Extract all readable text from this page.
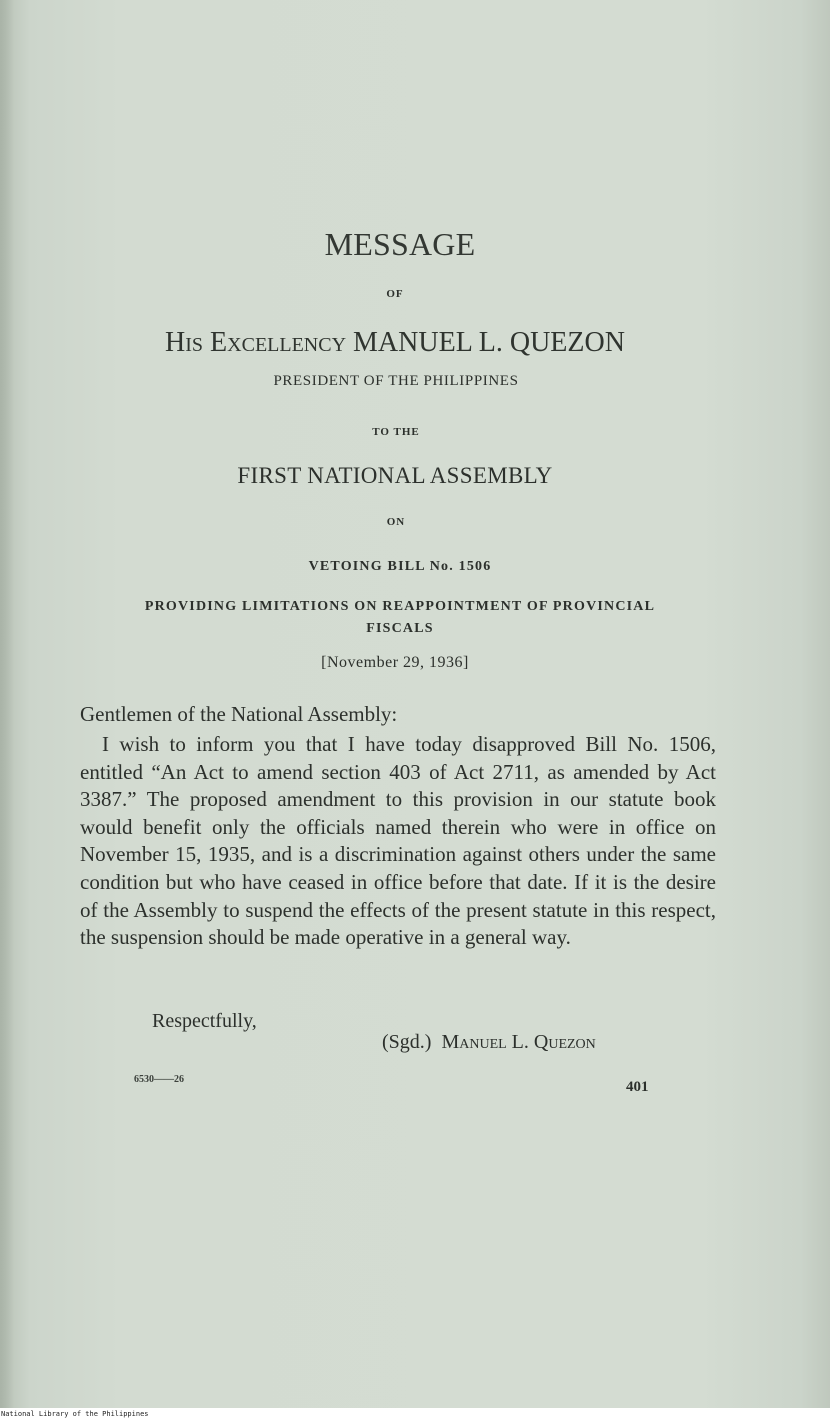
MESSAGE
OF
His Excellency MANUEL L. QUEZON
PRESIDENT OF THE PHILIPPINES
TO THE
FIRST NATIONAL ASSEMBLY
ON
VETOING BILL No. 1506
PROVIDING LIMITATIONS ON REAPPOINTMENT OF PROVINCIAL FISCALS
[November 29, 1936]
Gentlemen of the National Assembly:
I wish to inform you that I have today disapproved Bill No. 1506, entitled “An Act to amend section 403 of Act 2711, as amended by Act 3387.” The proposed amendment to this provision in our statute book would benefit only the officials named therein who were in office on November 15, 1935, and is a discrimination against others under the same condition but who have ceased in office before that date. If it is the desire of the Assembly to suspend the effects of the present statute in this respect, the suspension should be made operative in a general way.
Respectfully,
(Sgd.) Manuel L. Quezon
6530——26	401
National Library of the Philippines
